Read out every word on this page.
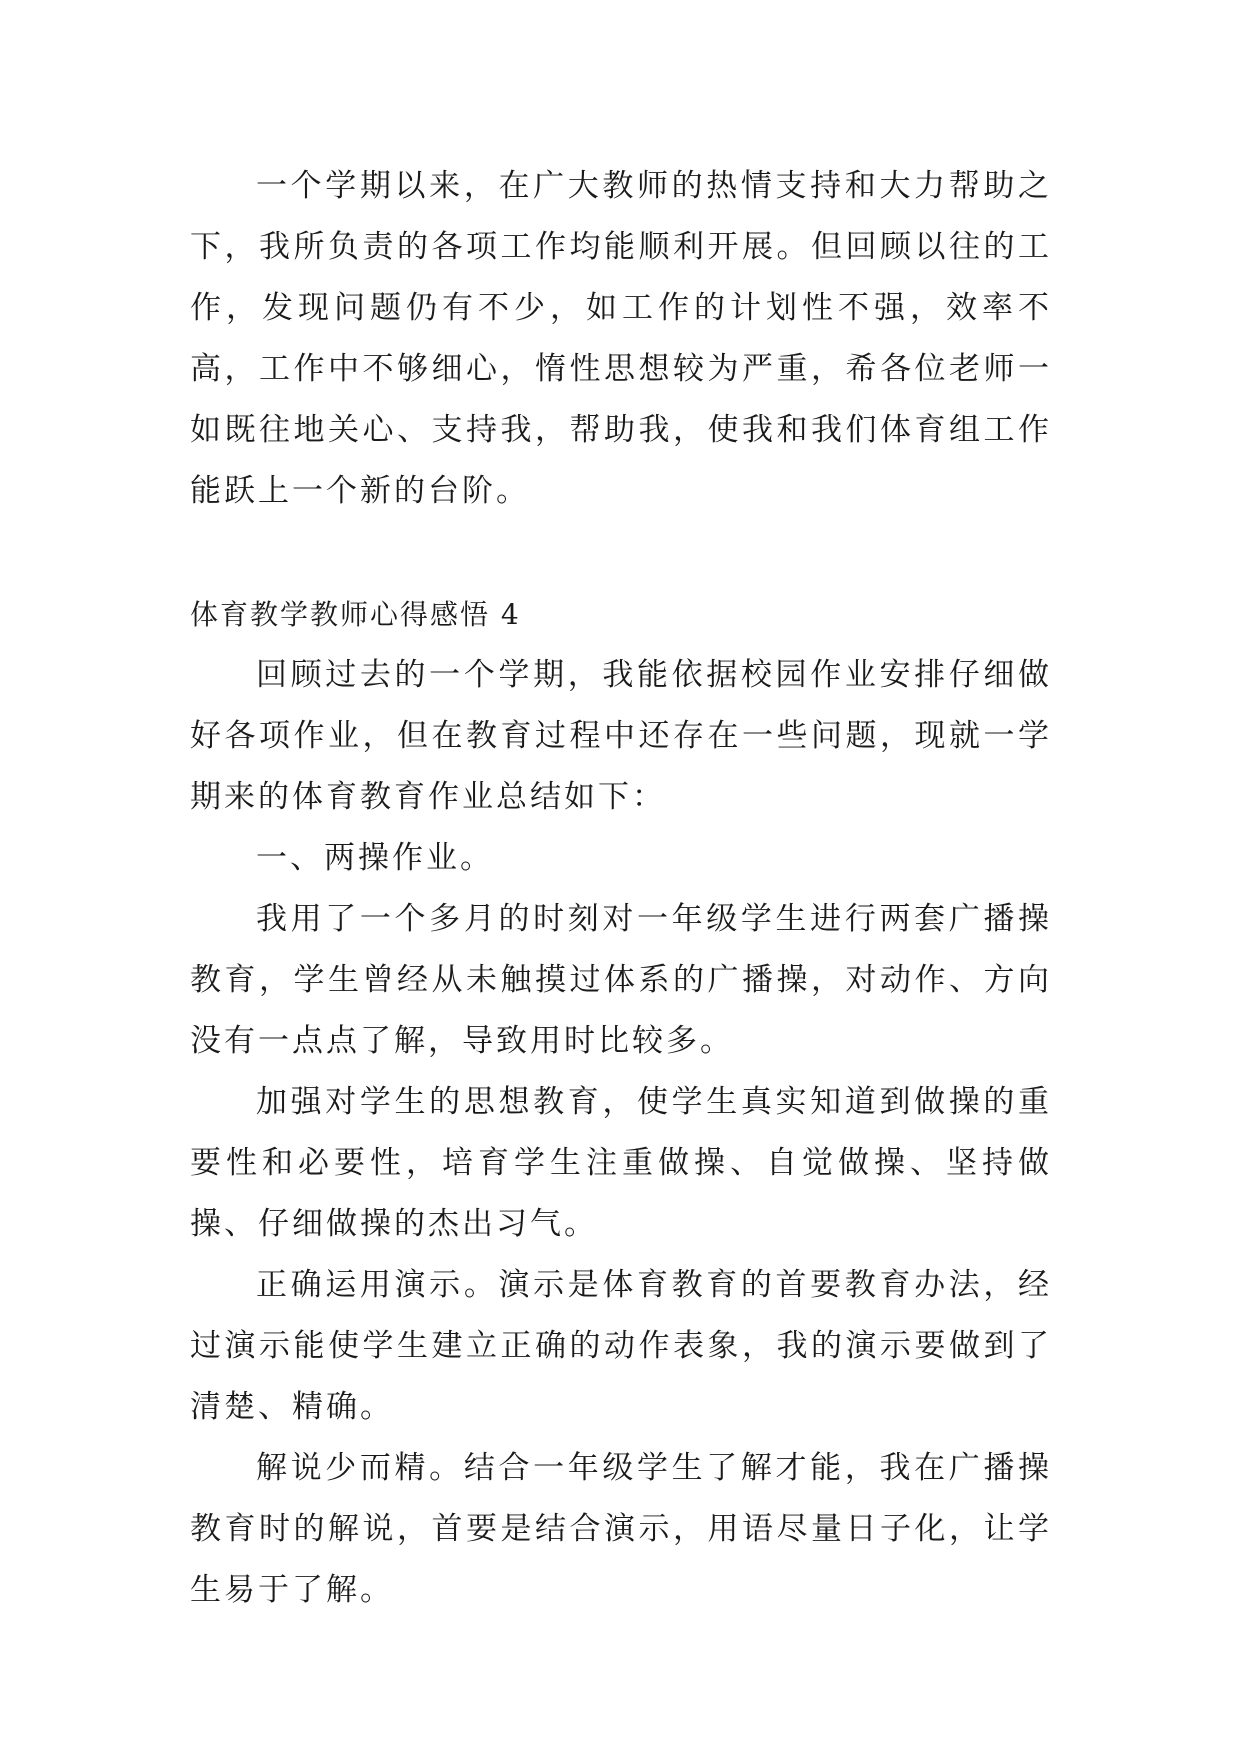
一个学期以来，在广大教师的热情支持和大力帮助之下，我所负责的各项工作均能顺利开展。但回顾以往的工作，发现问题仍有不少，如工作的计划性不强，效率不高，工作中不够细心，惰性思想较为严重，希各位老师一如既往地关心、支持我，帮助我，使我和我们体育组工作能跃上一个新的台阶。

体育教学教师心得感悟 4

回顾过去的一个学期，我能依据校园作业安排仔细做好各项作业，但在教育过程中还存在一些问题，现就一学期来的体育教育作业总结如下：

一、两操作业。

我用了一个多月的时刻对一年级学生进行两套广播操教育，学生曾经从未触摸过体系的广播操，对动作、方向没有一点点了解，导致用时比较多。

加强对学生的思想教育，使学生真实知道到做操的重要性和必要性，培育学生注重做操、自觉做操、坚持做操、仔细做操的杰出习气。

正确运用演示。演示是体育教育的首要教育办法，经过演示能使学生建立正确的动作表象，我的演示要做到了清楚、精确。

解说少而精。结合一年级学生了解才能，我在广播操教育时的解说，首要是结合演示，用语尽量日子化，让学生易于了解。
